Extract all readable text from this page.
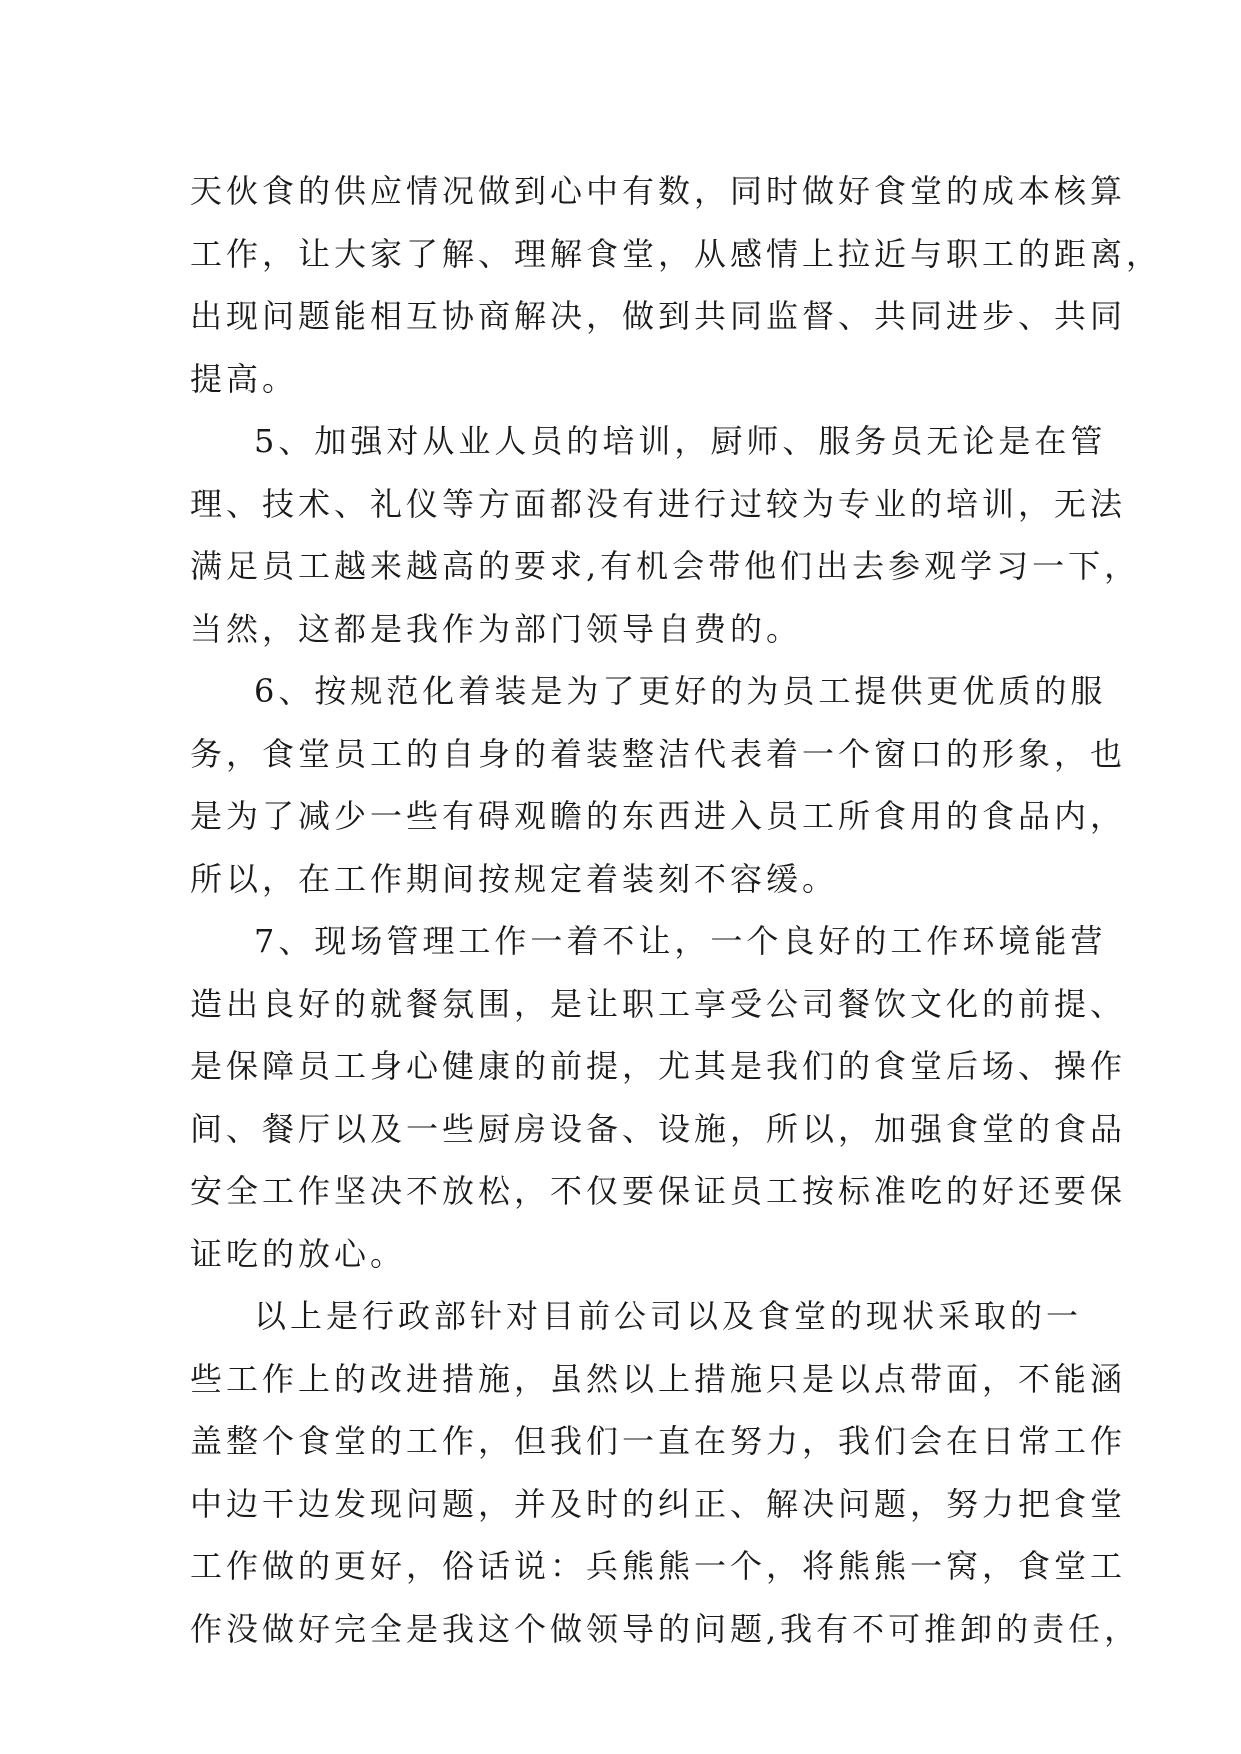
天伙食的供应情况做到心中有数，同时做好食堂的成本核算
工作，让大家了解、理解食堂，从感情上拉近与职工的距离，
出现问题能相互协商解决，做到共同监督、共同进步、共同
提高。
5、加强对从业人员的培训，厨师、服务员无论是在管
理、技术、礼仪等方面都没有进行过较为专业的培训，无法
满足员工越来越高的要求,有机会带他们出去参观学习一下，
当然，这都是我作为部门领导自费的。
6、按规范化着装是为了更好的为员工提供更优质的服
务，食堂员工的自身的着装整洁代表着一个窗口的形象，也
是为了减少一些有碍观瞻的东西进入员工所食用的食品内，
所以，在工作期间按规定着装刻不容缓。
7、现场管理工作一着不让，一个良好的工作环境能营
造出良好的就餐氛围，是让职工享受公司餐饮文化的前提、
是保障员工身心健康的前提，尤其是我们的食堂后场、操作
间、餐厅以及一些厨房设备、设施，所以，加强食堂的食品
安全工作坚决不放松，不仅要保证员工按标准吃的好还要保
证吃的放心。
以上是行政部针对目前公司以及食堂的现状采取的一
些工作上的改进措施，虽然以上措施只是以点带面，不能涵
盖整个食堂的工作，但我们一直在努力，我们会在日常工作
中边干边发现问题，并及时的纠正、解决问题，努力把食堂
工作做的更好，俗话说：兵熊熊一个，将熊熊一窝，食堂工
作没做好完全是我这个做领导的问题,我有不可推卸的责任，
